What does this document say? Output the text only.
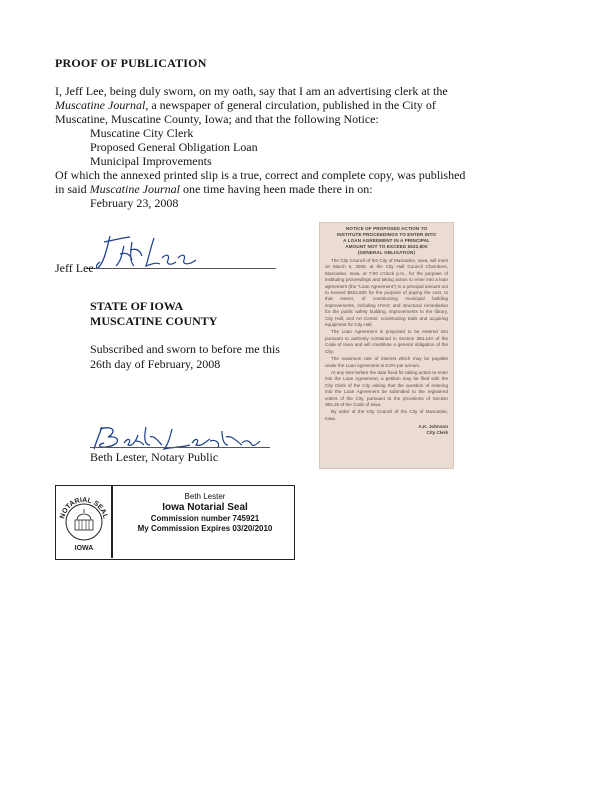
PROOF OF PUBLICATION
I, Jeff Lee, being duly sworn, on my oath, say that I am an advertising clerk at the
Muscatine Journal, a newspaper of general circulation, published in the City of
Muscatine, Muscatine County, Iowa; and that the following Notice:
Muscatine City Clerk
Proposed General Obligation Loan
Municipal Improvements
Of which the annexed printed slip is a true, correct and complete copy, was published
in said Muscatine Journal one time having heen made there in on:
February 23, 2008
Jeff Lee
STATE OF IOWA
MUSCATINE COUNTY
Subscribed and sworn to before me this
26th day of February, 2008
Beth Lester, Notary Public
NOTARIAL SEAL
IOWA
Beth Lester
Iowa Notarial Seal
Commission number 745921
My Commission Expires 03/20/2010
NOTICE OF PROPOSED ACTION TO
INSTITUTE PROCEEDINGS TO ENTER INTO
A LOAN AGREEMENT IN A PRINCIPAL
AMOUNT NOT TO EXCEED $622,800
(GENERAL OBLIGATION)

The City Council of the City of Muscatine, Iowa, will meet on March 6, 2008, at the City Hall Council Chambers, Muscatine, Iowa, at 7:00 o'clock p.m., for the purpose of instituting proceedings and taking action to enter into a loan agreement (the "Loan Agreement") in a principal amount not to exceed $622,800 for the purpose of paying the cost, to that extent, of constructing municipal building improvements, including HVAC and structural remediation for the public safety building, improvements to the library, City Hall, and Art Center, constructing trails and acquiring equipment for City Hall.

The Loan Agreement is proposed to be entered into pursuant to authority contained in Section 384.24A of the Code of Iowa and will constitute a general obligation of the City.

The maximum rate of interest which may be payable under the Loan Agreement is 8.0% per annum.

At any time before the date fixed for taking action to enter into the Loan Agreement, a petition may be filed with the City Clerk of the City asking that the question of entering into the Loan Agreement be submitted to the registered voters of the City, pursuant to the provisions of Section 384.26 of the Code of Iowa.

By order of the City Council of the City of Muscatine, Iowa.

A.K. Johnson
City Clerk
